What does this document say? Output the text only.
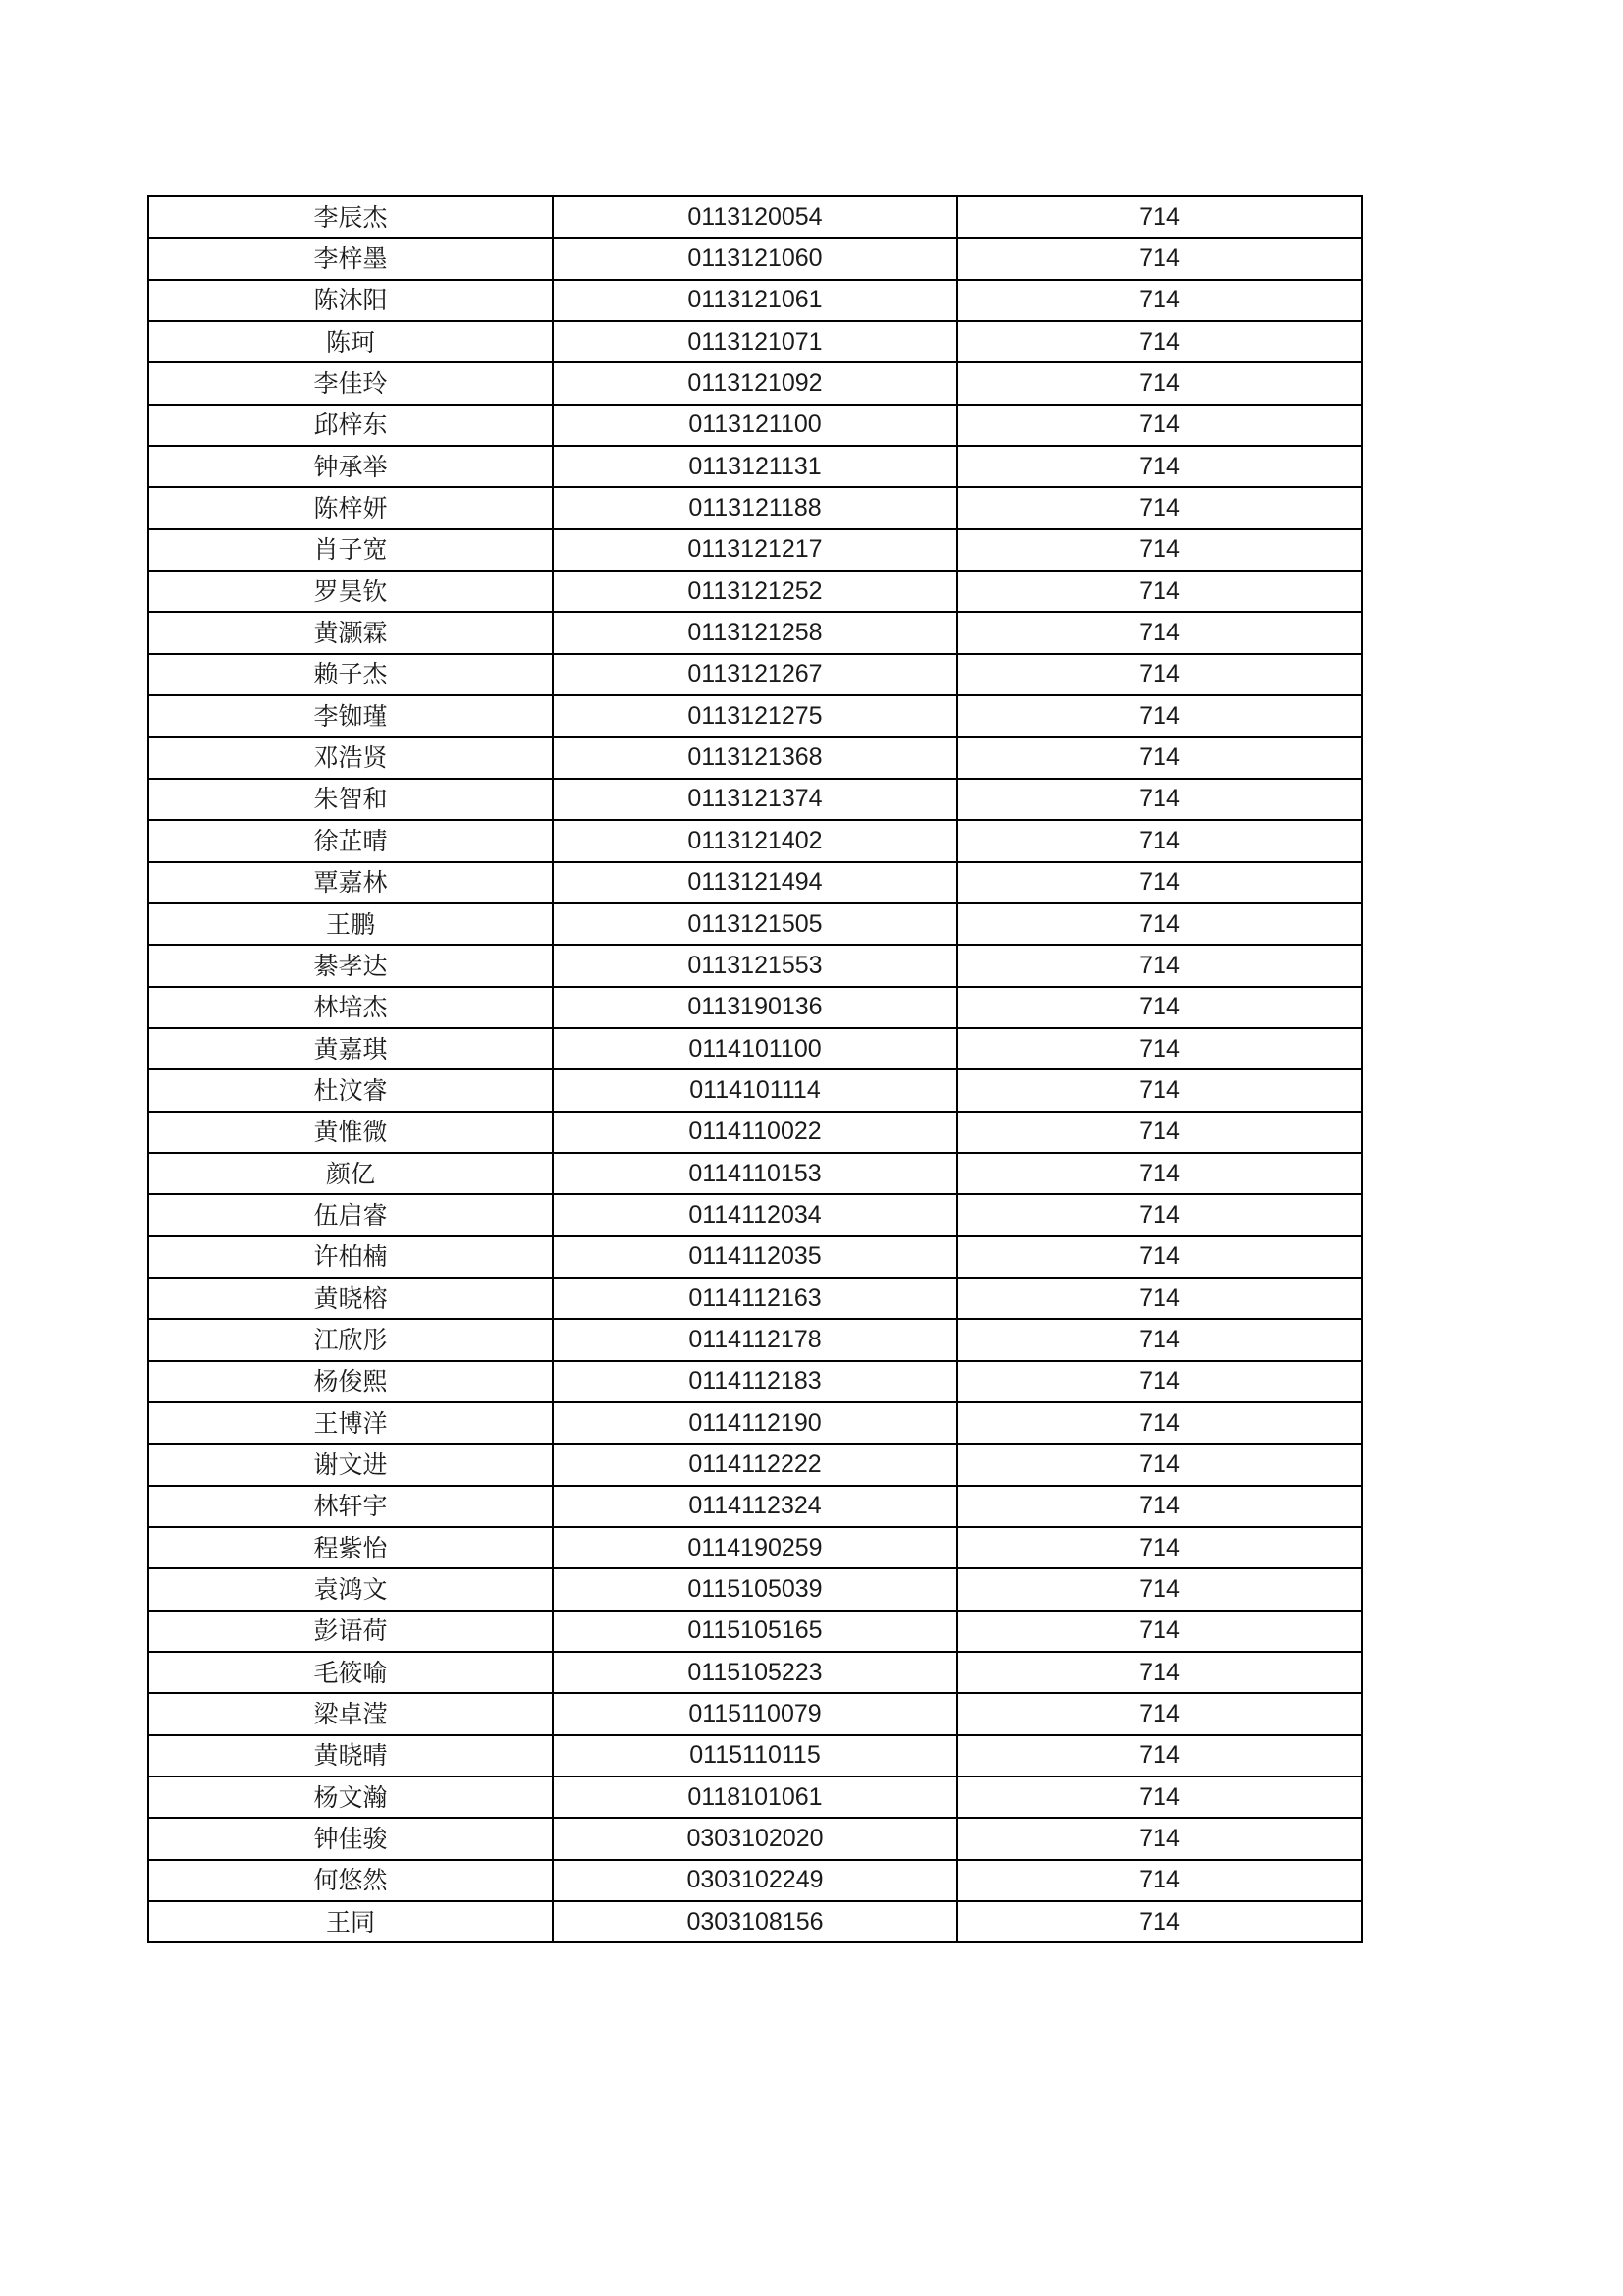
李辰杰	0113120054	714
李梓墨	0113121060	714
陈沐阳	0113121061	714
陈珂	0113121071	714
李佳玲	0113121092	714
邱梓东	0113121100	714
钟承举	0113121131	714
陈梓妍	0113121188	714
肖子宽	0113121217	714
罗昊钦	0113121252	714
黄灏霖	0113121258	714
赖子杰	0113121267	714
李铷瑾	0113121275	714
邓浩贤	0113121368	714
朱智和	0113121374	714
徐芷晴	0113121402	714
覃嘉林	0113121494	714
王鹏	0113121505	714
綦孝达	0113121553	714
林培杰	0113190136	714
黄嘉琪	0114101100	714
杜汶睿	0114101114	714
黄惟微	0114110022	714
颜亿	0114110153	714
伍启睿	0114112034	714
许柏楠	0114112035	714
黄晓榕	0114112163	714
江欣彤	0114112178	714
杨俊熙	0114112183	714
王博洋	0114112190	714
谢文进	0114112222	714
林轩宇	0114112324	714
程紫怡	0114190259	714
袁鸿文	0115105039	714
彭语荷	0115105165	714
毛筱喻	0115105223	714
梁卓滢	0115110079	714
黄晓晴	0115110115	714
杨文瀚	0118101061	714
钟佳骏	0303102020	714
何悠然	0303102249	714
王同	0303108156	714
